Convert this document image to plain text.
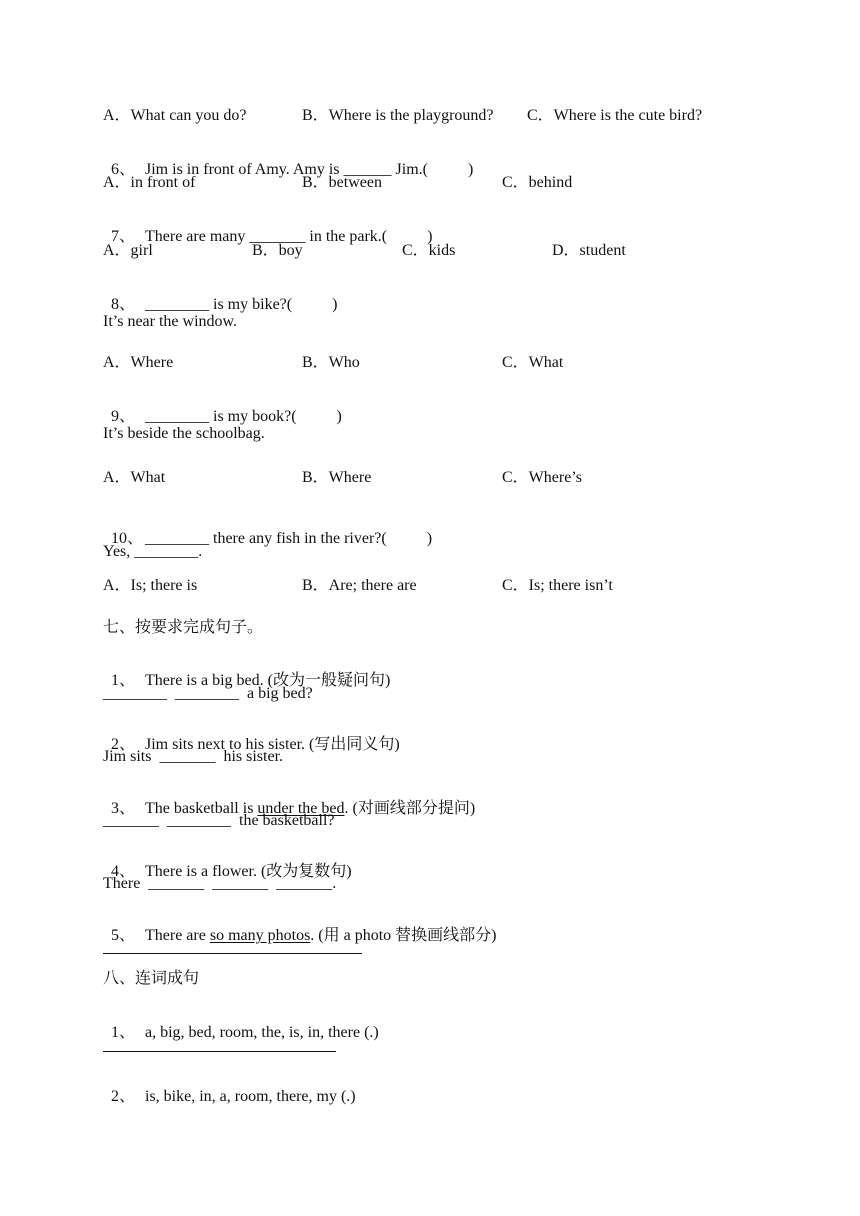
A．What can you do?	B．Where is the playground? C．Where is the cute bird?

6、 Jim is in front of Amy. Amy is ______ Jim.(          )

A．in front of	B．between	C．behind

7、 There are many _______ in the park.(          )

A．girl	B．boy	C．kids	D．student

8、 ________ is my bike?(          )

It’s near the window.
A．Where	B．Who	C．What

9、 ________ is my book?(          )

It’s beside the schoolbag.
A．What	B．Where	C．Where’s

10、 ________ there any fish in the river?(          )

Yes, ________.
A．Is; there is	B．Are; there are	C．Is; there isn’t
七、按要求完成句子。

1、 There is a big bed. (改为一般疑问句)

________  ________  a big bed?

2、 Jim sits next to his sister. (写出同义句)

Jim sits  _______  his sister.

3、 The basketball is under the bed. (对画线部分提问)

_______  ________  the basketball?

4、 There is a flower. (改为复数句)

There  _______  _______  _______.

5、 There are so many photos. (用 a photo 替换画线部分)

八、连词成句

1、 a, big, bed, room, the, is, in, there (.)

2、 is, bike, in, a, room, there, my (.)
